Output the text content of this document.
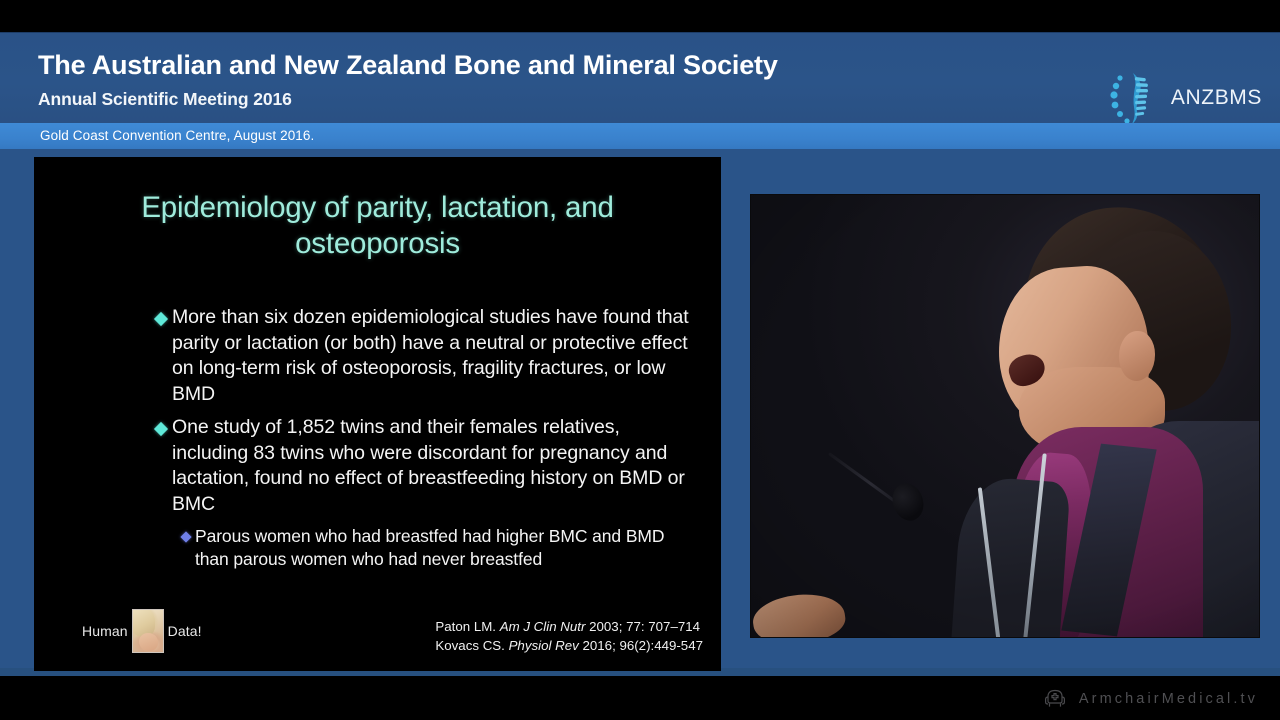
The Australian and New Zealand Bone and Mineral Society
Annual Scientific Meeting 2016	ANZBMS
Gold Coast Convention Centre, August 2016.
Epidemiology of parity, lactation, and osteoporosis
More than six dozen epidemiological studies have found that parity or lactation (or both) have a neutral or protective effect on long-term risk of osteoporosis, fragility fractures, or low BMD
One study of 1,852 twins and their females relatives, including 83 twins who were discordant for pregnancy and lactation, found no effect of breastfeeding history on BMD or BMC
Parous women who had breastfed had higher BMC and BMD than parous women who had never breastfed
Human	Data!	Paton LM. Am J Clin Nutr 2003; 77: 707–714
Kovacs CS. Physiol Rev 2016; 96(2):449-547
ArmchairMedical.tv
